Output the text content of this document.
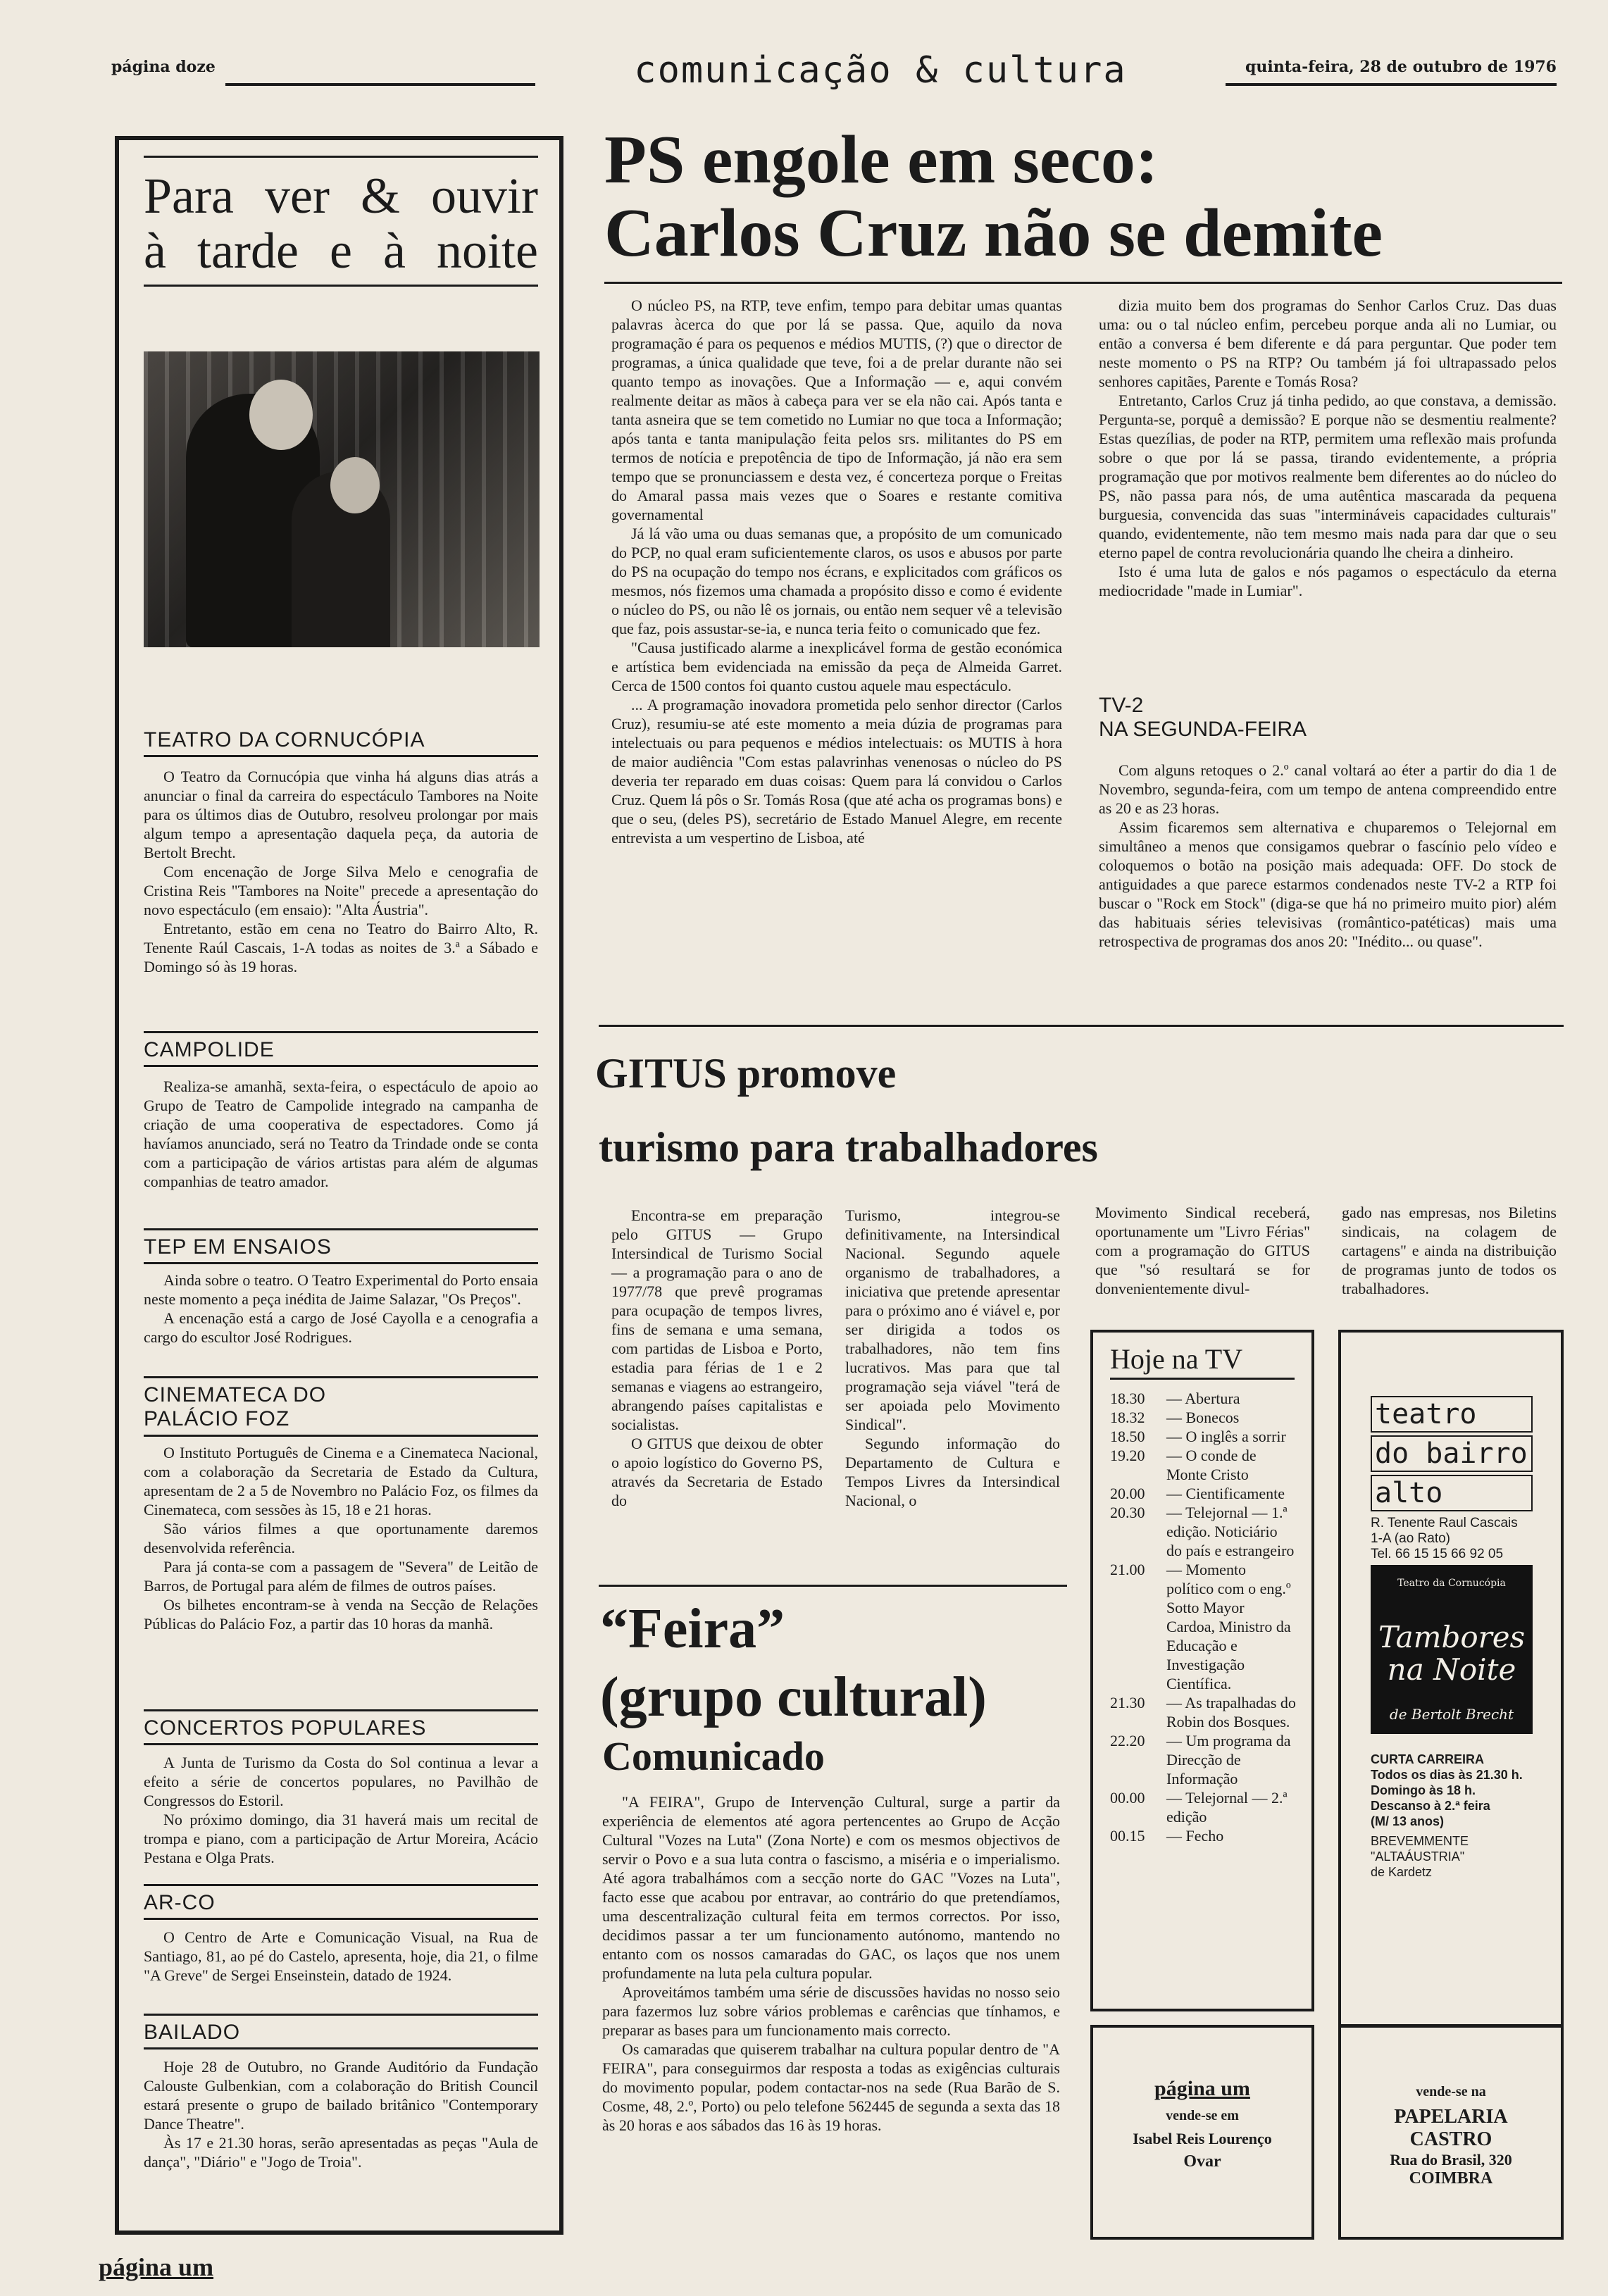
página doze	comunicação & cultura	quinta-feira, 28 de outubro de 1976
Para ver & ouvir
à tarde e à noite
TEATRO DA CORNUCÓPIA

O Teatro da Cornucópia que vinha há alguns dias atrás a anunciar o final da carreira do espectáculo Tambores na Noite para os últimos dias de Outubro, resolveu prolongar por mais algum tempo a apresentação daquela peça, da autoria de Bertolt Brecht.

Com encenação de Jorge Silva Melo e cenografia de Cristina Reis "Tambores na Noite" precede a apresentação do novo espectáculo (em ensaio): "Alta Áustria".

Entretanto, estão em cena no Teatro do Bairro Alto, R. Tenente Raúl Cascais, 1-A todas as noites de 3.ª a Sábado e Domingo só às 19 horas.

CAMPOLIDE

Realiza-se amanhã, sexta-feira, o espectáculo de apoio ao Grupo de Teatro de Campolide integrado na campanha de criação de uma cooperativa de espectadores. Como já havíamos anunciado, será no Teatro da Trindade onde se conta com a participação de vários artistas para além de algumas companhias de teatro amador.

TEP EM ENSAIOS

Ainda sobre o teatro. O Teatro Experimental do Porto ensaia neste momento a peça inédita de Jaime Salazar, "Os Preços".

A encenação está a cargo de José Cayolla e a cenografia a cargo do escultor José Rodrigues.

CINEMATECA DO PALÁCIO FOZ

O Instituto Português de Cinema e a Cinemateca Nacional, com a colaboração da Secretaria de Estado da Cultura, apresentam de 2 a 5 de Novembro no Palácio Foz, os filmes da Cinemateca, com sessões às 15, 18 e 21 horas.

São vários filmes a que oportunamente daremos desenvolvida referência.

Para já conta-se com a passagem de "Severa" de Leitão de Barros, de Portugal para além de filmes de outros países.

Os bilhetes encontram-se à venda na Secção de Relações Públicas do Palácio Foz, a partir das 10 horas da manhã.

CONCERTOS POPULARES

A Junta de Turismo da Costa do Sol continua a levar a efeito a série de concertos populares, no Pavilhão de Congressos do Estoril.

No próximo domingo, dia 31 haverá mais um recital de trompa e piano, com a participação de Artur Moreira, Acácio Pestana e Olga Prats.

AR-CO

O Centro de Arte e Comunicação Visual, na Rua de Santiago, 81, ao pé do Castelo, apresenta, hoje, dia 21, o filme "A Greve" de Sergei Enseinstein, datado de 1924.

BAILADO

Hoje 28 de Outubro, no Grande Auditório da Fundação Calouste Gulbenkian, com a colaboração do British Council estará presente o grupo de bailado britânico "Contemporary Dance Theatre".

Às 17 e 21.30 horas, serão apresentadas as peças "Aula de dança", "Diário" e "Jogo de Troia".

PS engole em seco:
Carlos Cruz não se demite

O núcleo PS, na RTP, teve enfim, tempo para debitar umas quantas palavras àcerca do que por lá se passa. Que, aquilo da nova programação é para os pequenos e médios MUTIS, (?) que o director de programas, a única qualidade que teve, foi a de prelar durante não sei quanto tempo as inovações. Que a Informação — e, aqui convém realmente deitar as mãos à cabeça para ver se ela não cai. Após tanta e tanta asneira que se tem cometido no Lumiar no que toca a Informação; após tanta e tanta manipulação feita pelos srs. militantes do PS em termos de notícia e prepotência de tipo de Informação, já não era sem tempo que se pronunciassem e desta vez, é concerteza porque o Freitas do Amaral passa mais vezes que o Soares e restante comitiva governamental

Já lá vão uma ou duas semanas que, a propósito de um comunicado do PCP, no qual eram suficientemente claros, os usos e abusos por parte do PS na ocupação do tempo nos écrans, e explicitados com gráficos os mesmos, nós fizemos uma chamada a propósito disso e como é evidente o núcleo do PS, ou não lê os jornais, ou então nem sequer vê a televisão que faz, pois assustar-se-ia, e nunca teria feito o comunicado que fez.

"Causa justificado alarme a inexplicável forma de gestão económica e artística bem evidenciada na emissão da peça de Almeida Garret. Cerca de 1500 contos foi quanto custou aquele mau espectáculo.

... A programação inovadora prometida pelo senhor director (Carlos Cruz), resumiu-se até este momento a meia dúzia de programas para intelectuais ou para pequenos e médios intelectuais: os MUTIS à hora de maior audiência "Com estas palavrinhas venenosas o núcleo do PS deveria ter reparado em duas coisas: Quem para lá convidou o Carlos Cruz. Quem lá pôs o Sr. Tomás Rosa (que até acha os programas bons) e que o seu, (deles PS), secretário de Estado Manuel Alegre, em recente entrevista a um vespertino de Lisboa, até

dizia muito bem dos programas do Senhor Carlos Cruz. Das duas uma: ou o tal núcleo enfim, percebeu porque anda ali no Lumiar, ou então a conversa é bem diferente e dá para perguntar. Que poder tem neste momento o PS na RTP? Ou também já foi ultrapassado pelos senhores capitães, Parente e Tomás Rosa?

Entretanto, Carlos Cruz já tinha pedido, ao que constava, a demissão. Pergunta-se, porquê a demissão? E porque não se desmentiu realmente? Estas quezílias, de poder na RTP, permitem uma reflexão mais profunda sobre o que por lá se passa, tirando evidentemente, a própria programação que por motivos realmente bem diferentes ao do núcleo do PS, não passa para nós, de uma autêntica mascarada da pequena burguesia, convencida das suas "intermináveis capacidades culturais" quando, evidentemente, não tem mesmo mais nada para dar que o seu eterno papel de contra revolucionária quando lhe cheira a dinheiro.

Isto é uma luta de galos e nós pagamos o espectáculo da eterna mediocridade "made in Lumiar".

TV-2
NA SEGUNDA-FEIRA

Com alguns retoques o 2.º canal voltará ao éter a partir do dia 1 de Novembro, segunda-feira, com um tempo de antena compreendido entre as 20 e as 23 horas.

Assim ficaremos sem alternativa e chuparemos o Telejornal em simultâneo a menos que consigamos quebrar o fascínio pelo vídeo e coloquemos o botão na posição mais adequada: OFF. Do stock de antiguidades a que parece estarmos condenados neste TV-2 a RTP foi buscar o "Rock em Stock" (diga-se que há no primeiro muito pior) além das habituais séries televisivas (romântico-patéticas) mais uma retrospectiva de programas dos anos 20: "Inédito... ou quase".

GITUS promove
turismo para trabalhadores

Encontra-se em preparação pelo GITUS — Grupo Intersindical de Turismo Social — a programação para o ano de 1977/78 que prevê programas para ocupação de tempos livres, fins de semana e uma semana, com partidas de Lisboa e Porto, estadia para férias de 1 e 2 semanas e viagens ao estrangeiro, abrangendo países capitalistas e socialistas.

O GITUS que deixou de obter o apoio logístico do Governo PS, através da Secretaria de Estado do

Turismo, integrou-se definitivamente, na Intersindical Nacional. Segundo aquele organismo de trabalhadores, a iniciativa que pretende apresentar para o próximo ano é viável e, por ser dirigida a todos os trabalhadores, não tem fins lucrativos. Mas para que tal programação seja viável "terá de ser apoiada pelo Movimento Sindical".

Segundo informação do Departamento de Cultura e Tempos Livres da Intersindical Nacional, o

Movimento Sindical receberá, oportunamente um "Livro Férias" com a programação do GITUS que "só resultará se for donvenientemente divul-

gado nas empresas, nos Biletins sindicais, na colagem de cartagens" e ainda na distribuição de programas junto de todos os trabalhadores.

“Feira”
(grupo cultural)
Comunicado

"A FEIRA", Grupo de Intervenção Cultural, surge a partir da experiência de elementos até agora pertencentes ao Grupo de Acção Cultural "Vozes na Luta" (Zona Norte) e com os mesmos objectivos de servir o Povo e a sua luta contra o fascismo, a miséria e o imperialismo. Até agora trabalhámos com a secção norte do GAC "Vozes na Luta", facto esse que acabou por entravar, ao contrário do que pretendíamos, uma descentralização cultural feita em termos correctos. Por isso, decidimos passar a ter um funcionamento autónomo, mantendo no entanto com os nossos camaradas do GAC, os laços que nos unem profundamente na luta pela cultura popular.

Aproveitámos também uma série de discussões havidas no nosso seio para fazermos luz sobre vários problemas e carências que tínhamos, e preparar as bases para um funcionamento mais correcto.

Os camaradas que quiserem trabalhar na cultura popular dentro de "A FEIRA", para conseguirmos dar resposta a todas as exigências culturais do movimento popular, podem contactar-nos na sede (Rua Barão de S. Cosme, 48, 2.º, Porto) ou pelo telefone 562445 de segunda a sexta das 18 às 20 horas e aos sábados das 16 às 19 horas.

Hoje na TV
18.30	— Abertura
18.32	— Bonecos
18.50	— O inglês a sorrir
19.20	— O conde de Monte Cristo
20.00	— Cientificamente
20.30	— Telejornal — 1.ª edição. Noticiário do país e estrangeiro
21.00	— Momento político com o eng.º Sotto Mayor Cardoa, Ministro da Educação e Investigação Científica.
21.30	— As trapalhadas do Robin dos Bosques.
22.20	— Um programa da Direcção de Informação
00.00	— Telejornal — 2.ª edição
00.15	— Fecho
teatro
do bairro
alto
R. Tenente Raul Cascais
1-A (ao Rato)
Tel. 66 15 15 66 92 05
Teatro da Cornucópia
Tambores
na Noite
de Bertolt Brecht
CURTA CARREIRA
Todos os dias às 21.30 h.
Domingo às 18 h.
Descanso à 2.ª feira
(M/ 13 anos)
BREVEMMENTE
"ALTAÁUSTRIA"
de Kardetz
página um
vende-se em
Isabel Reis Lourenço
Ovar
vende-se na
PAPELARIA
CASTRO
Rua do Brasil, 320
COIMBRA
página um
